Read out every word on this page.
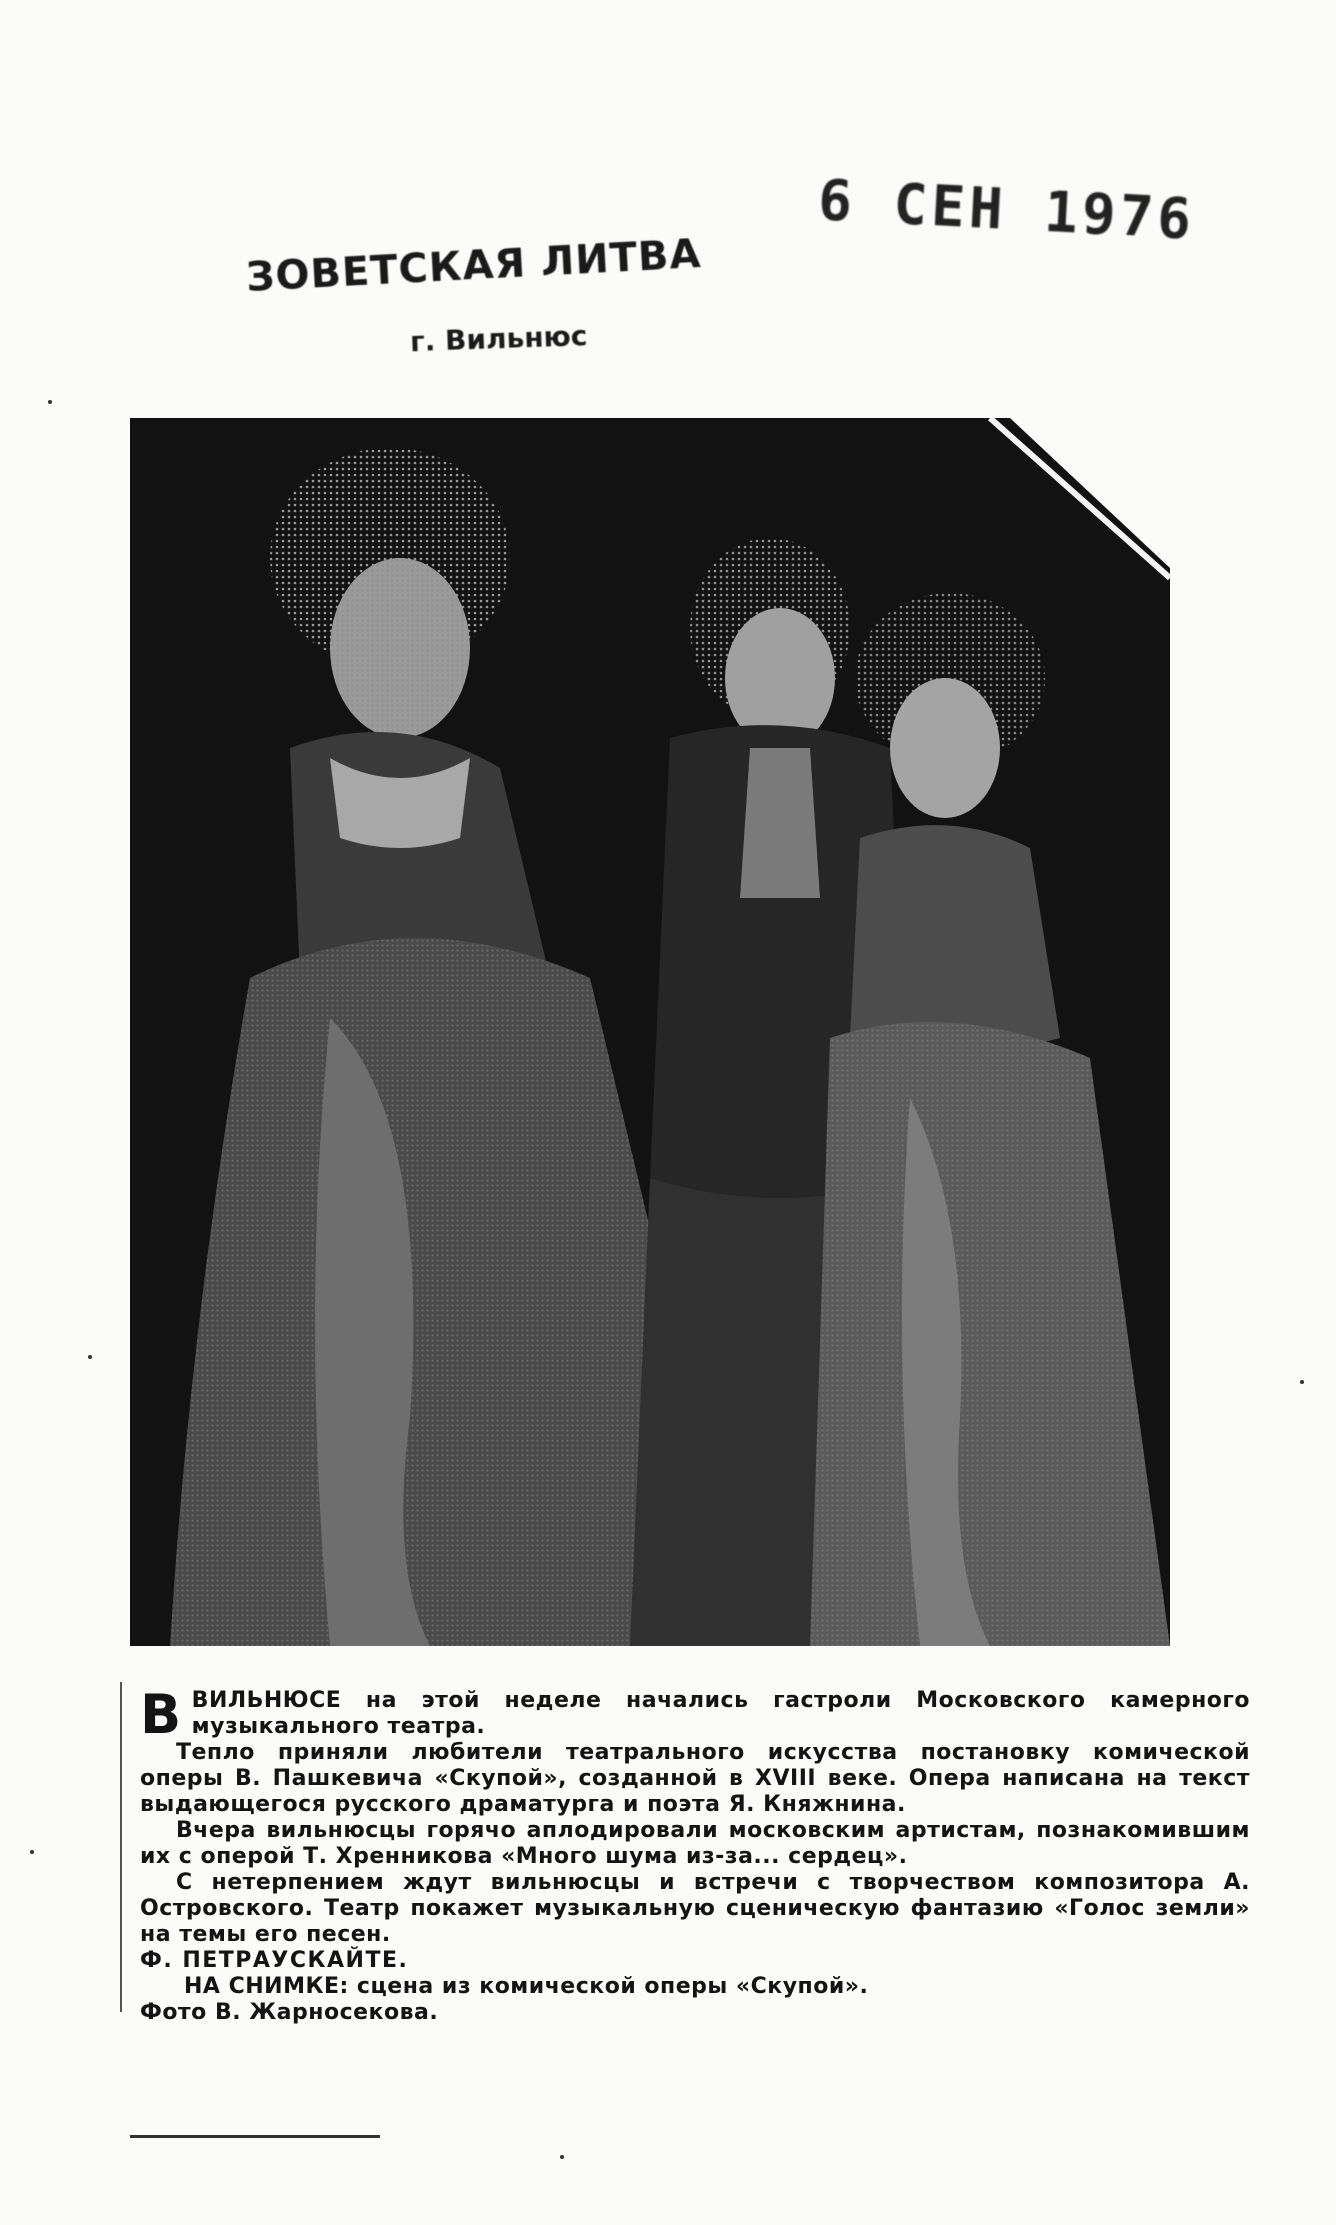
ЗОВЕТСКАЯ ЛИТВА
г. Вильнюс
6 СЕН 1976

В ВИЛЬНЮСЕ на этой неделе начались гастроли Московского камерного музыкального театра.

Тепло приняли любители театрального искусства постановку комической оперы В. Пашкевича «Скупой», созданной в XVIII веке. Опера написана на текст выдающегося русского драматурга и поэта Я. Княжнина.

Вчера вильнюсцы горячо аплодировали московским артистам, познакомившим их с оперой Т. Хренникова «Много шума из-за... сердец».

С нетерпением ждут вильнюсцы и встречи с творчеством композитора А. Островского. Театр покажет музыкальную сценическую фантазию «Голос земли» на темы его песен.

Ф. ПЕТРАУСКАЙТЕ.

НА СНИМКЕ: сцена из комической оперы «Скупой».

Фото В. Жарносекова.
